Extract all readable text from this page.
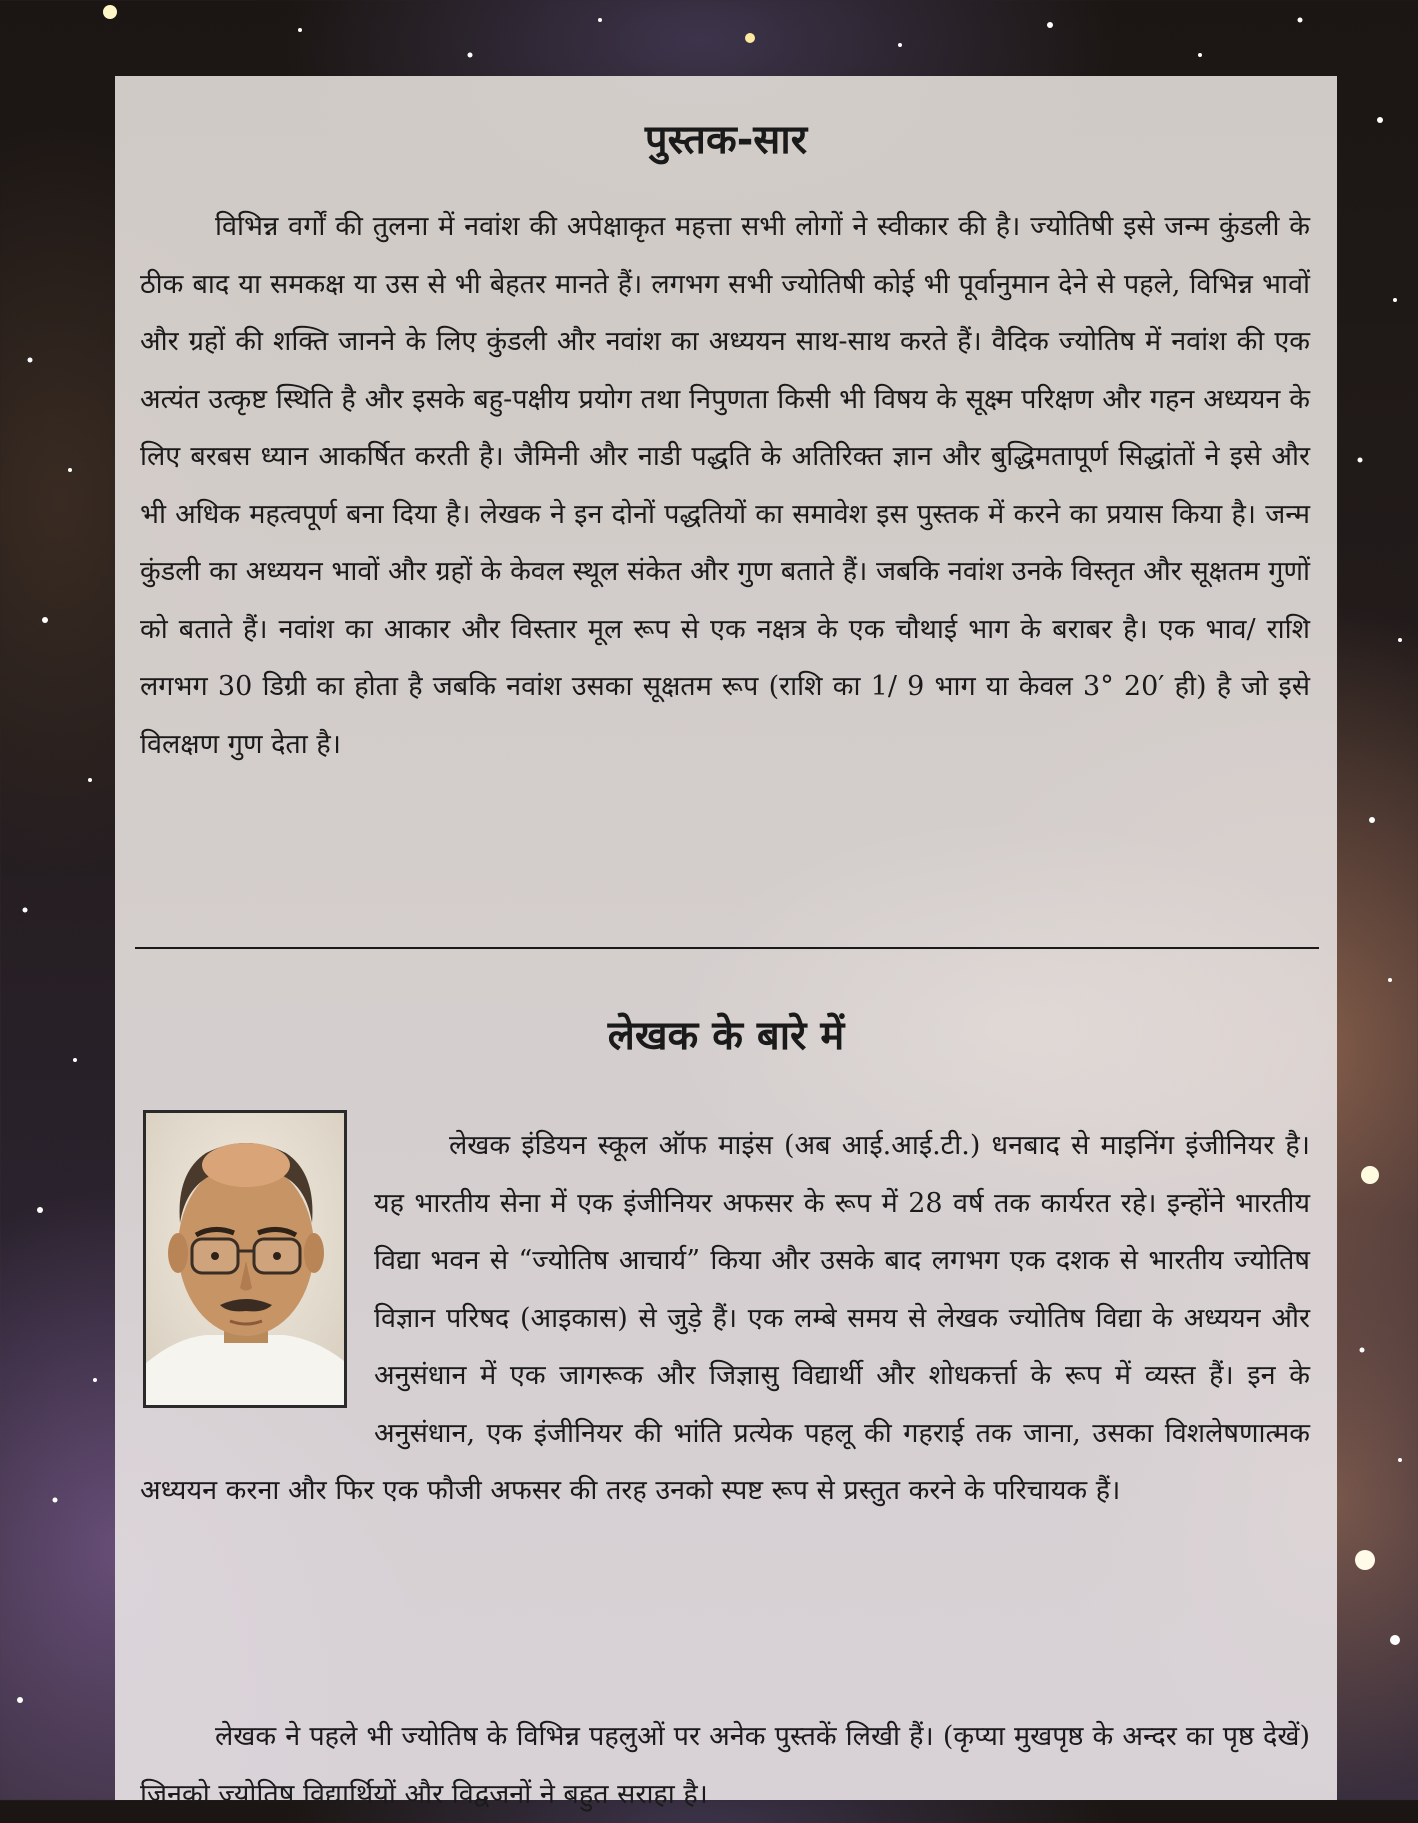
पुस्तक-सार

विभिन्न वर्गों की तुलना में नवांश की अपेक्षाकृत महत्ता सभी लोगों ने स्वीकार की है। ज्योतिषी इसे जन्म कुंडली के ठीक बाद या समकक्ष या उस से भी बेहतर मानते हैं। लगभग सभी ज्योतिषी कोई भी पूर्वानुमान देने से पहले, विभिन्न भावों और ग्रहों की शक्ति जानने के लिए कुंडली और नवांश का अध्ययन साथ-साथ करते हैं। वैदिक ज्योतिष में नवांश की एक अत्यंत उत्कृष्ट स्थिति है और इसके बहु-पक्षीय प्रयोग तथा निपुणता किसी भी विषय के सूक्ष्म परिक्षण और गहन अध्ययन के लिए बरबस ध्यान आकर्षित करती है। जैमिनी और नाडी पद्धति के अतिरिक्त ज्ञान और बुद्धिमतापूर्ण सिद्धांतों ने इसे और भी अधिक महत्वपूर्ण बना दिया है। लेखक ने इन दोनों पद्धतियों का समावेश इस पुस्तक में करने का प्रयास किया है। जन्म कुंडली का अध्ययन भावों और ग्रहों के केवल स्थूल संकेत और गुण बताते हैं। जबकि नवांश उनके विस्तृत और सूक्षतम गुणों को बताते हैं। नवांश का आकार और विस्तार मूल रूप से एक नक्षत्र के एक चौथाई भाग के बराबर है। एक भाव/ राशि लगभग 30 डिग्री का होता है जबकि नवांश उसका सूक्षतम रूप (राशि का 1/ 9 भाग या केवल 3° 20′ ही) है जो इसे विलक्षण गुण देता है।

लेखक के बारे में

लेखक इंडियन स्कूल ऑफ माइंस (अब आई.आई.टी.) धनबाद से माइनिंग इंजीनियर है। यह भारतीय सेना में एक इंजीनियर अफसर के रूप में 28 वर्ष तक कार्यरत रहे। इन्होंने भारतीय विद्या भवन से “ज्योतिष आचार्य” किया और उसके बाद लगभग एक दशक से भारतीय ज्योतिष विज्ञान परिषद (आइकास) से जुड़े हैं। एक लम्बे समय से लेखक ज्योतिष विद्या के अध्ययन और अनुसंधान में एक जागरूक और जिज्ञासु विद्यार्थी और शोधकर्त्ता के रूप में व्यस्त हैं। इन के अनुसंधान, एक इंजीनियर की भांति प्रत्येक पहलू की गहराई तक जाना, उसका विशलेषणात्मक अध्ययन करना और फिर एक फौजी अफसर की तरह उनको स्पष्ट रूप से प्रस्तुत करने के परिचायक हैं।

लेखक ने पहले भी ज्योतिष के विभिन्न पहलुओं पर अनेक पुस्तकें लिखी हैं। (कृप्या मुखपृष्ठ के अन्दर का पृष्ठ देखें) जिनको ज्योतिष विद्यार्थियों और विद्वजनों ने बहुत सराहा है।
